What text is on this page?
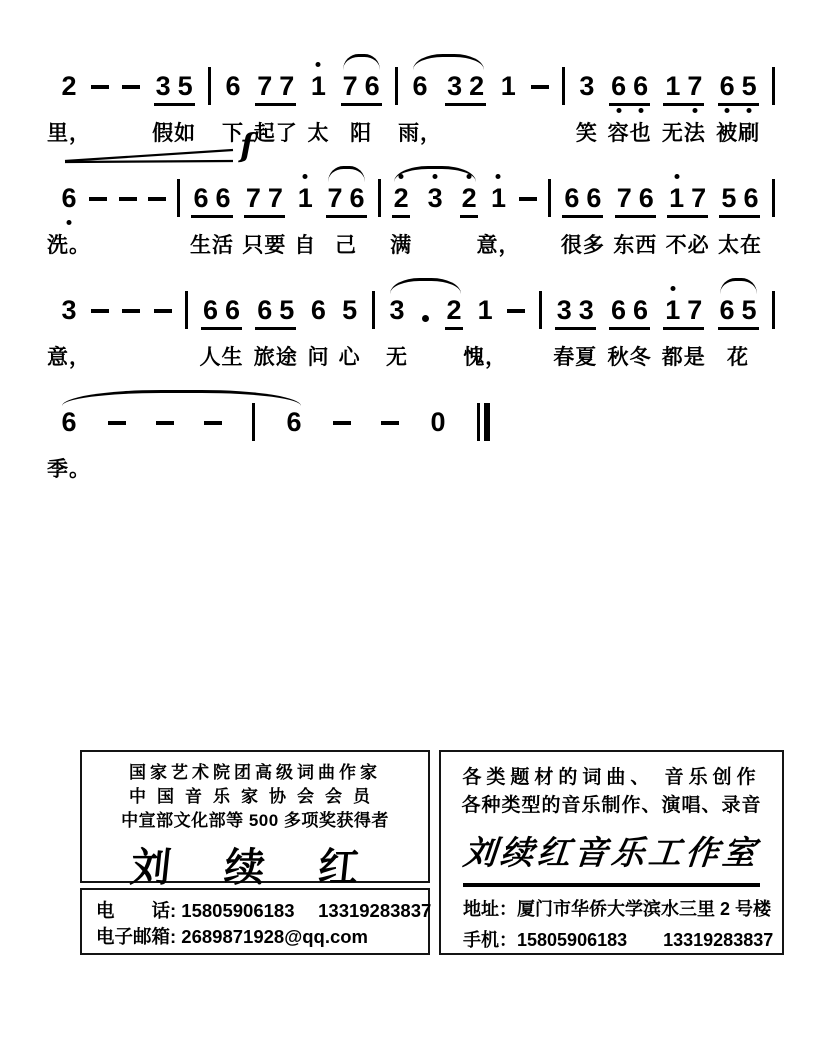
2
里，
3 5
假如
6
下
7 7
起了
1
太
7 6
阳
6
雨，
3 2 1 3
笑
6 6
容也
1 7
无法
6 5
被刷
f
6
洗。
6 6
生活
7 7
只要
1
自
7 6
己
2
满
3 2 1
意，
6 6
很多
7 6
东西
1 7
不必
5 6
太在
3
意，
6 6
人生
6 5
旅途
6
问
5
心
3
无
2 1
愧，
3 3
春夏
6 6
秋冬
1 7
都是
6 5
花
6
季。
6	0
国家艺术院团高级词曲作家
中国音乐家协会会员
中宣部文化部等 500 多项奖获得者
刘 续 红
电　　话: 15805906183　 13319283837
电子邮箱: 2689871928@qq.com
各类题材的词曲、 音乐创作
各种类型的音乐制作、演唱、录音
刘续红音乐工作室
地址：厦门市华侨大学滨水三里 2 号楼
手机：15805906183　　13319283837
